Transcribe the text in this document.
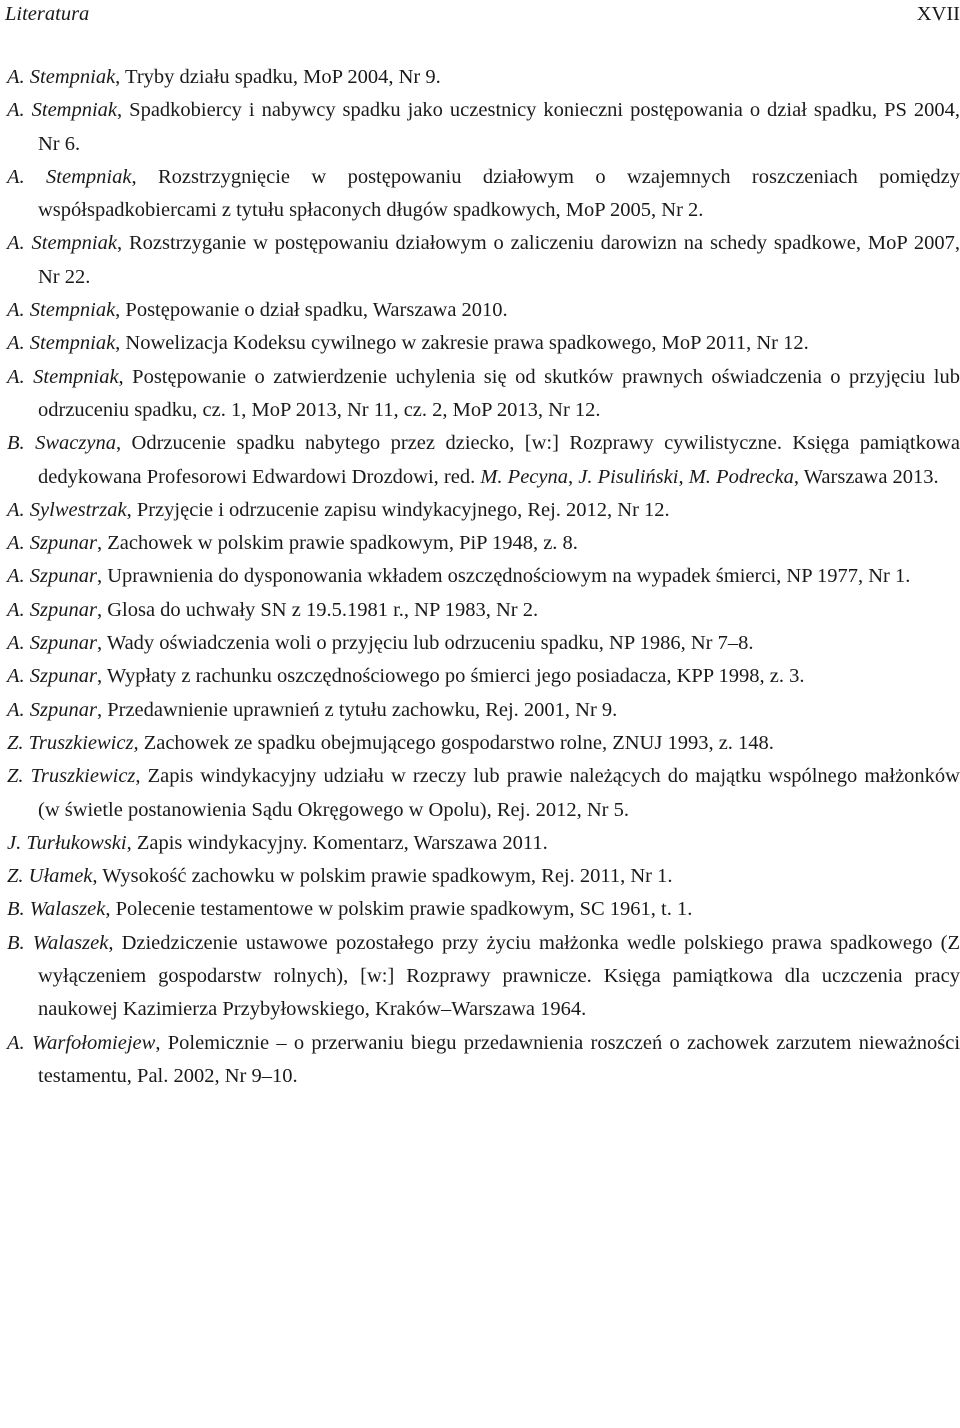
Literatura	XVII
A. Stempniak, Tryby działu spadku, MoP 2004, Nr 9.
A. Stempniak, Spadkobiercy i nabywcy spadku jako uczestnicy konieczni postępowania o dział spadku, PS 2004, Nr 6.
A. Stempniak, Rozstrzygnięcie w postępowaniu działowym o wzajemnych roszczeniach pomiędzy współspadkobiercami z tytułu spłaconych długów spadkowych, MoP 2005, Nr 2.
A. Stempniak, Rozstrzyganie w postępowaniu działowym o zaliczeniu darowizn na schedy spadkowe, MoP 2007, Nr 22.
A. Stempniak, Postępowanie o dział spadku, Warszawa 2010.
A. Stempniak, Nowelizacja Kodeksu cywilnego w zakresie prawa spadkowego, MoP 2011, Nr 12.
A. Stempniak, Postępowanie o zatwierdzenie uchylenia się od skutków prawnych oświadczenia o przyjęciu lub odrzuceniu spadku, cz. 1, MoP 2013, Nr 11, cz. 2, MoP 2013, Nr 12.
B. Swaczyna, Odrzucenie spadku nabytego przez dziecko, [w:] Rozprawy cywilistyczne. Księga pamiątkowa dedykowana Profesorowi Edwardowi Drozdowi, red. M. Pecyna, J. Pisuliński, M. Podrecka, Warszawa 2013.
A. Sylwestrzak, Przyjęcie i odrzucenie zapisu windykacyjnego, Rej. 2012, Nr 12.
A. Szpunar, Zachowek w polskim prawie spadkowym, PiP 1948, z. 8.
A. Szpunar, Uprawnienia do dysponowania wkładem oszczędnościowym na wypadek śmierci, NP 1977, Nr 1.
A. Szpunar, Glosa do uchwały SN z 19.5.1981 r., NP 1983, Nr 2.
A. Szpunar, Wady oświadczenia woli o przyjęciu lub odrzuceniu spadku, NP 1986, Nr 7–8.
A. Szpunar, Wypłaty z rachunku oszczędnościowego po śmierci jego posiadacza, KPP 1998, z. 3.
A. Szpunar, Przedawnienie uprawnień z tytułu zachowku, Rej. 2001, Nr 9.
Z. Truszkiewicz, Zachowek ze spadku obejmującego gospodarstwo rolne, ZNUJ 1993, z. 148.
Z. Truszkiewicz, Zapis windykacyjny udziału w rzeczy lub prawie należących do majątku wspólnego małżonków (w świetle postanowienia Sądu Okręgowego w Opolu), Rej. 2012, Nr 5.
J. Turłukowski, Zapis windykacyjny. Komentarz, Warszawa 2011.
Z. Ułamek, Wysokość zachowku w polskim prawie spadkowym, Rej. 2011, Nr 1.
B. Walaszek, Polecenie testamentowe w polskim prawie spadkowym, SC 1961, t. 1.
B. Walaszek, Dziedziczenie ustawowe pozostałego przy życiu małżonka wedle polskiego prawa spadkowego (Z wyłączeniem gospodarstw rolnych), [w:] Rozprawy prawnicze. Księga pamiątkowa dla uczczenia pracy naukowej Kazimierza Przybyłowskiego, Kraków–Warszawa 1964.
A. Warfołomiejew, Polemicznie – o przerwaniu biegu przedawnienia roszczeń o zachowek zarzutem nieważności testamentu, Pal. 2002, Nr 9–10.
